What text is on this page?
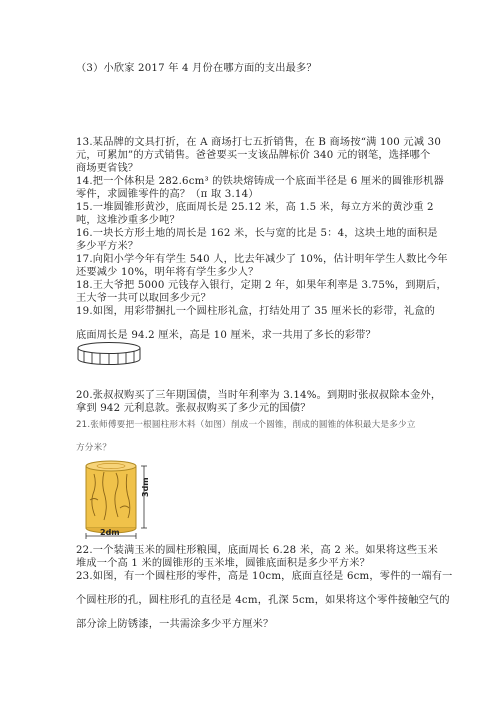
（3）小欣家 2017 年 4 月份在哪方面的支出最多？
13.某品牌的文具打折，在 A 商场打七五折销售，在 B 商场按“满 100 元减 30
元，可累加”的方式销售。爸爸要买一支该品牌标价 340 元的钢笔，选择哪个
商场更省钱？
14.把一个体积是 282.6cm³ 的铁块熔铸成一个底面半径是 6 厘米的圆锥形机器
零件，求圆锥零件的高？（π 取 3.14）
15.一堆圆锥形黄沙，底面周长是 25.12 米，高 1.5 米，每立方米的黄沙重 2
吨，这堆沙重多少吨？
16.一块长方形土地的周长是 162 米，长与宽的比是 5：4，这块土地的面积是
多少平方米？
17.向阳小学今年有学生 540 人，比去年减少了 10%，估计明年学生人数比今年
还要减少 10%，明年将有学生多少人？
18.王大爷把 5000 元钱存入银行，定期 2 年，如果年利率是 3.75%，到期后，
王大爷一共可以取回多少元？
19.如图，用彩带捆扎一个圆柱形礼盒，打结处用了 35 厘米长的彩带，礼盒的
底面周长是 94.2 厘米，高是 10 厘米，求一共用了多长的彩带？
20.张叔叔购买了三年期国债，当时年利率为 3.14%。到期时张叔叔除本金外，
拿到 942 元利息款。张叔叔购买了多少元的国债？
21.张师傅要把一根圆柱形木料（如图）削成一个圆锥，削成的圆锥的体积最大是多少立
方分米？
3dm
2dm
22.一个装满玉米的圆柱形粮囤，底面周长 6.28 米，高 2 米。如果将这些玉米
堆成一个高 1 米的圆锥形的玉米堆，圆锥底面积是多少平方米？
23.如图，有一个圆柱形的零件，高是 10cm，底面直径是 6cm，零件的一端有一
个圆柱形的孔，圆柱形孔的直径是 4cm，孔深 5cm，如果将这个零件接触空气的
部分涂上防锈漆，一共需涂多少平方厘米？
